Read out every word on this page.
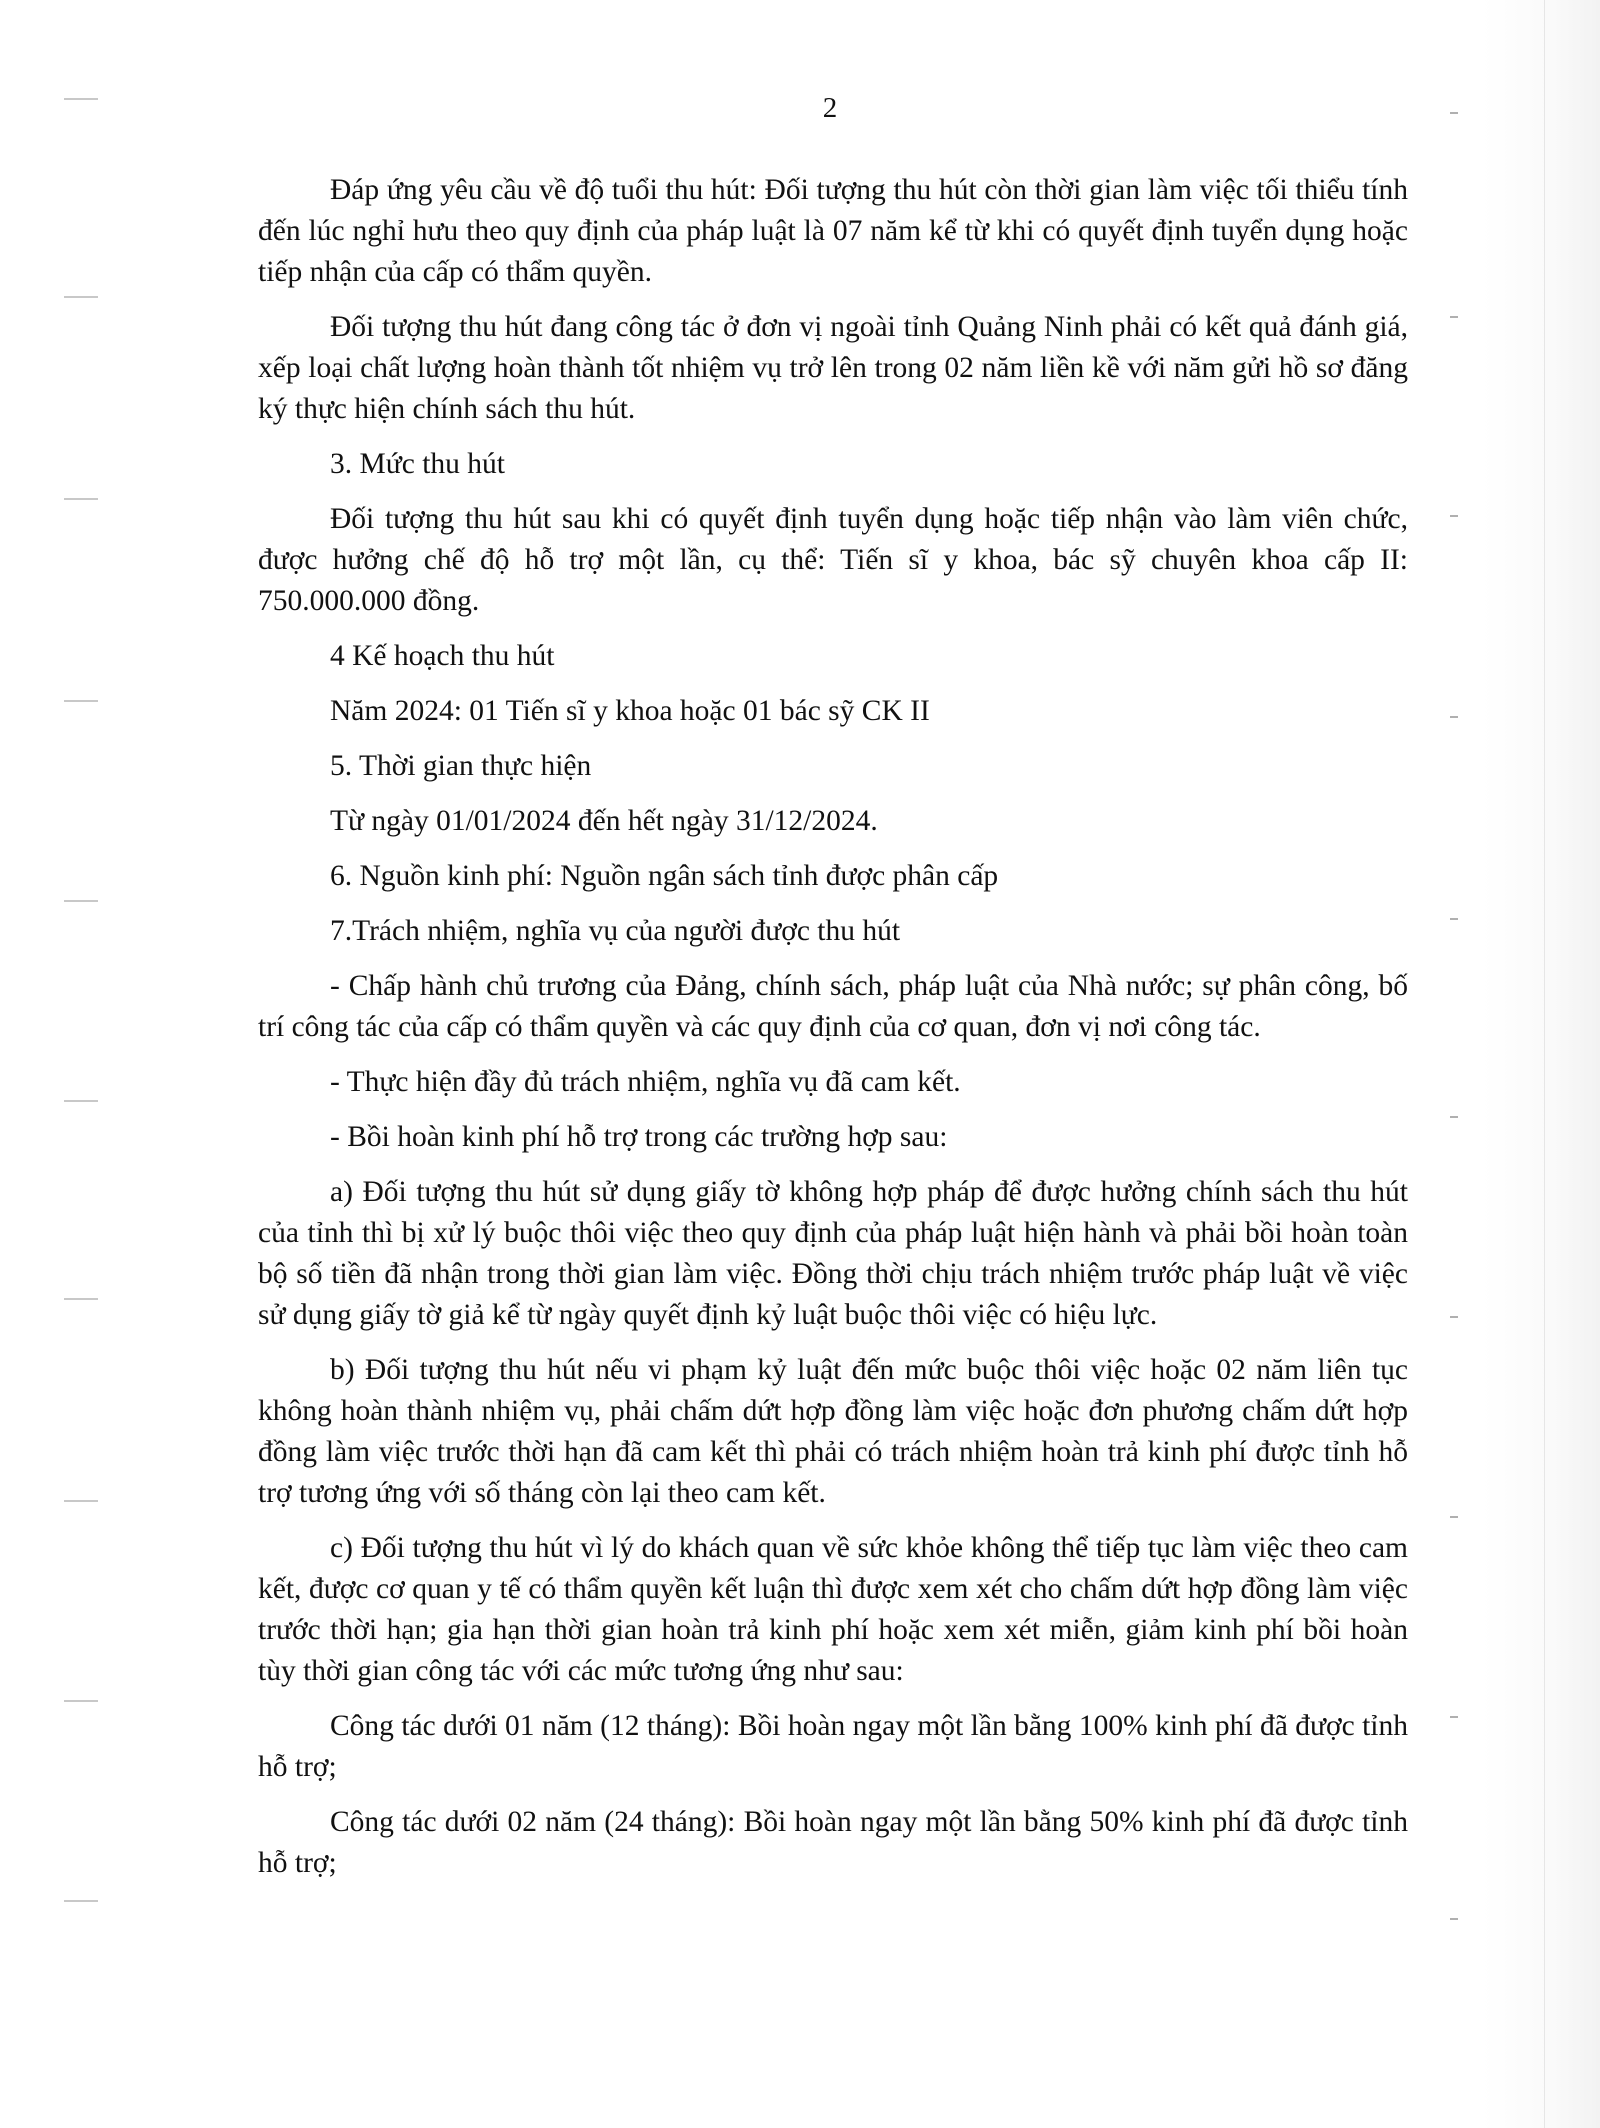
2

Đáp ứng yêu cầu về độ tuổi thu hút: Đối tượng thu hút còn thời gian làm việc tối thiểu tính đến lúc nghỉ hưu theo quy định của pháp luật là 07 năm kể từ khi có quyết định tuyển dụng hoặc tiếp nhận của cấp có thẩm quyền.

Đối tượng thu hút đang công tác ở đơn vị ngoài tỉnh Quảng Ninh phải có kết quả đánh giá, xếp loại chất lượng hoàn thành tốt nhiệm vụ trở lên trong 02 năm liền kề với năm gửi hồ sơ đăng ký thực hiện chính sách thu hút.

3. Mức thu hút

Đối tượng thu hút sau khi có quyết định tuyển dụng hoặc tiếp nhận vào làm viên chức, được hưởng chế độ hỗ trợ một lần, cụ thể: Tiến sĩ y khoa, bác sỹ chuyên khoa cấp II: 750.000.000 đồng.

4 Kế hoạch thu hút

Năm 2024: 01 Tiến sĩ y khoa hoặc 01 bác sỹ CK II

5. Thời gian thực hiện

Từ ngày 01/01/2024 đến hết ngày 31/12/2024.

6. Nguồn kinh phí: Nguồn ngân sách tỉnh được phân cấp

7.Trách nhiệm, nghĩa vụ của người được thu hút

- Chấp hành chủ trương của Đảng, chính sách, pháp luật của Nhà nước; sự phân công, bố trí công tác của cấp có thẩm quyền và các quy định của cơ quan, đơn vị nơi công tác.

- Thực hiện đầy đủ trách nhiệm, nghĩa vụ đã cam kết.

- Bồi hoàn kinh phí hỗ trợ trong các trường hợp sau:

a) Đối tượng thu hút sử dụng giấy tờ không hợp pháp để được hưởng chính sách thu hút của tỉnh thì bị xử lý buộc thôi việc theo quy định của pháp luật hiện hành và phải bồi hoàn toàn bộ số tiền đã nhận trong thời gian làm việc. Đồng thời chịu trách nhiệm trước pháp luật về việc sử dụng giấy tờ giả kể từ ngày quyết định kỷ luật buộc thôi việc có hiệu lực.

b) Đối tượng thu hút nếu vi phạm kỷ luật đến mức buộc thôi việc hoặc 02 năm liên tục không hoàn thành nhiệm vụ, phải chấm dứt hợp đồng làm việc hoặc đơn phương chấm dứt hợp đồng làm việc trước thời hạn đã cam kết thì phải có trách nhiệm hoàn trả kinh phí được tỉnh hỗ trợ tương ứng với số tháng còn lại theo cam kết.

c) Đối tượng thu hút vì lý do khách quan về sức khỏe không thể tiếp tục làm việc theo cam kết, được cơ quan y tế có thẩm quyền kết luận thì được xem xét cho chấm dứt hợp đồng làm việc trước thời hạn; gia hạn thời gian hoàn trả kinh phí hoặc xem xét miễn, giảm kinh phí bồi hoàn tùy thời gian công tác với các mức tương ứng như sau:

Công tác dưới 01 năm (12 tháng): Bồi hoàn ngay một lần bằng 100% kinh phí đã được tỉnh hỗ trợ;

Công tác dưới 02 năm (24 tháng): Bồi hoàn ngay một lần bằng 50% kinh phí đã được tỉnh hỗ trợ;
